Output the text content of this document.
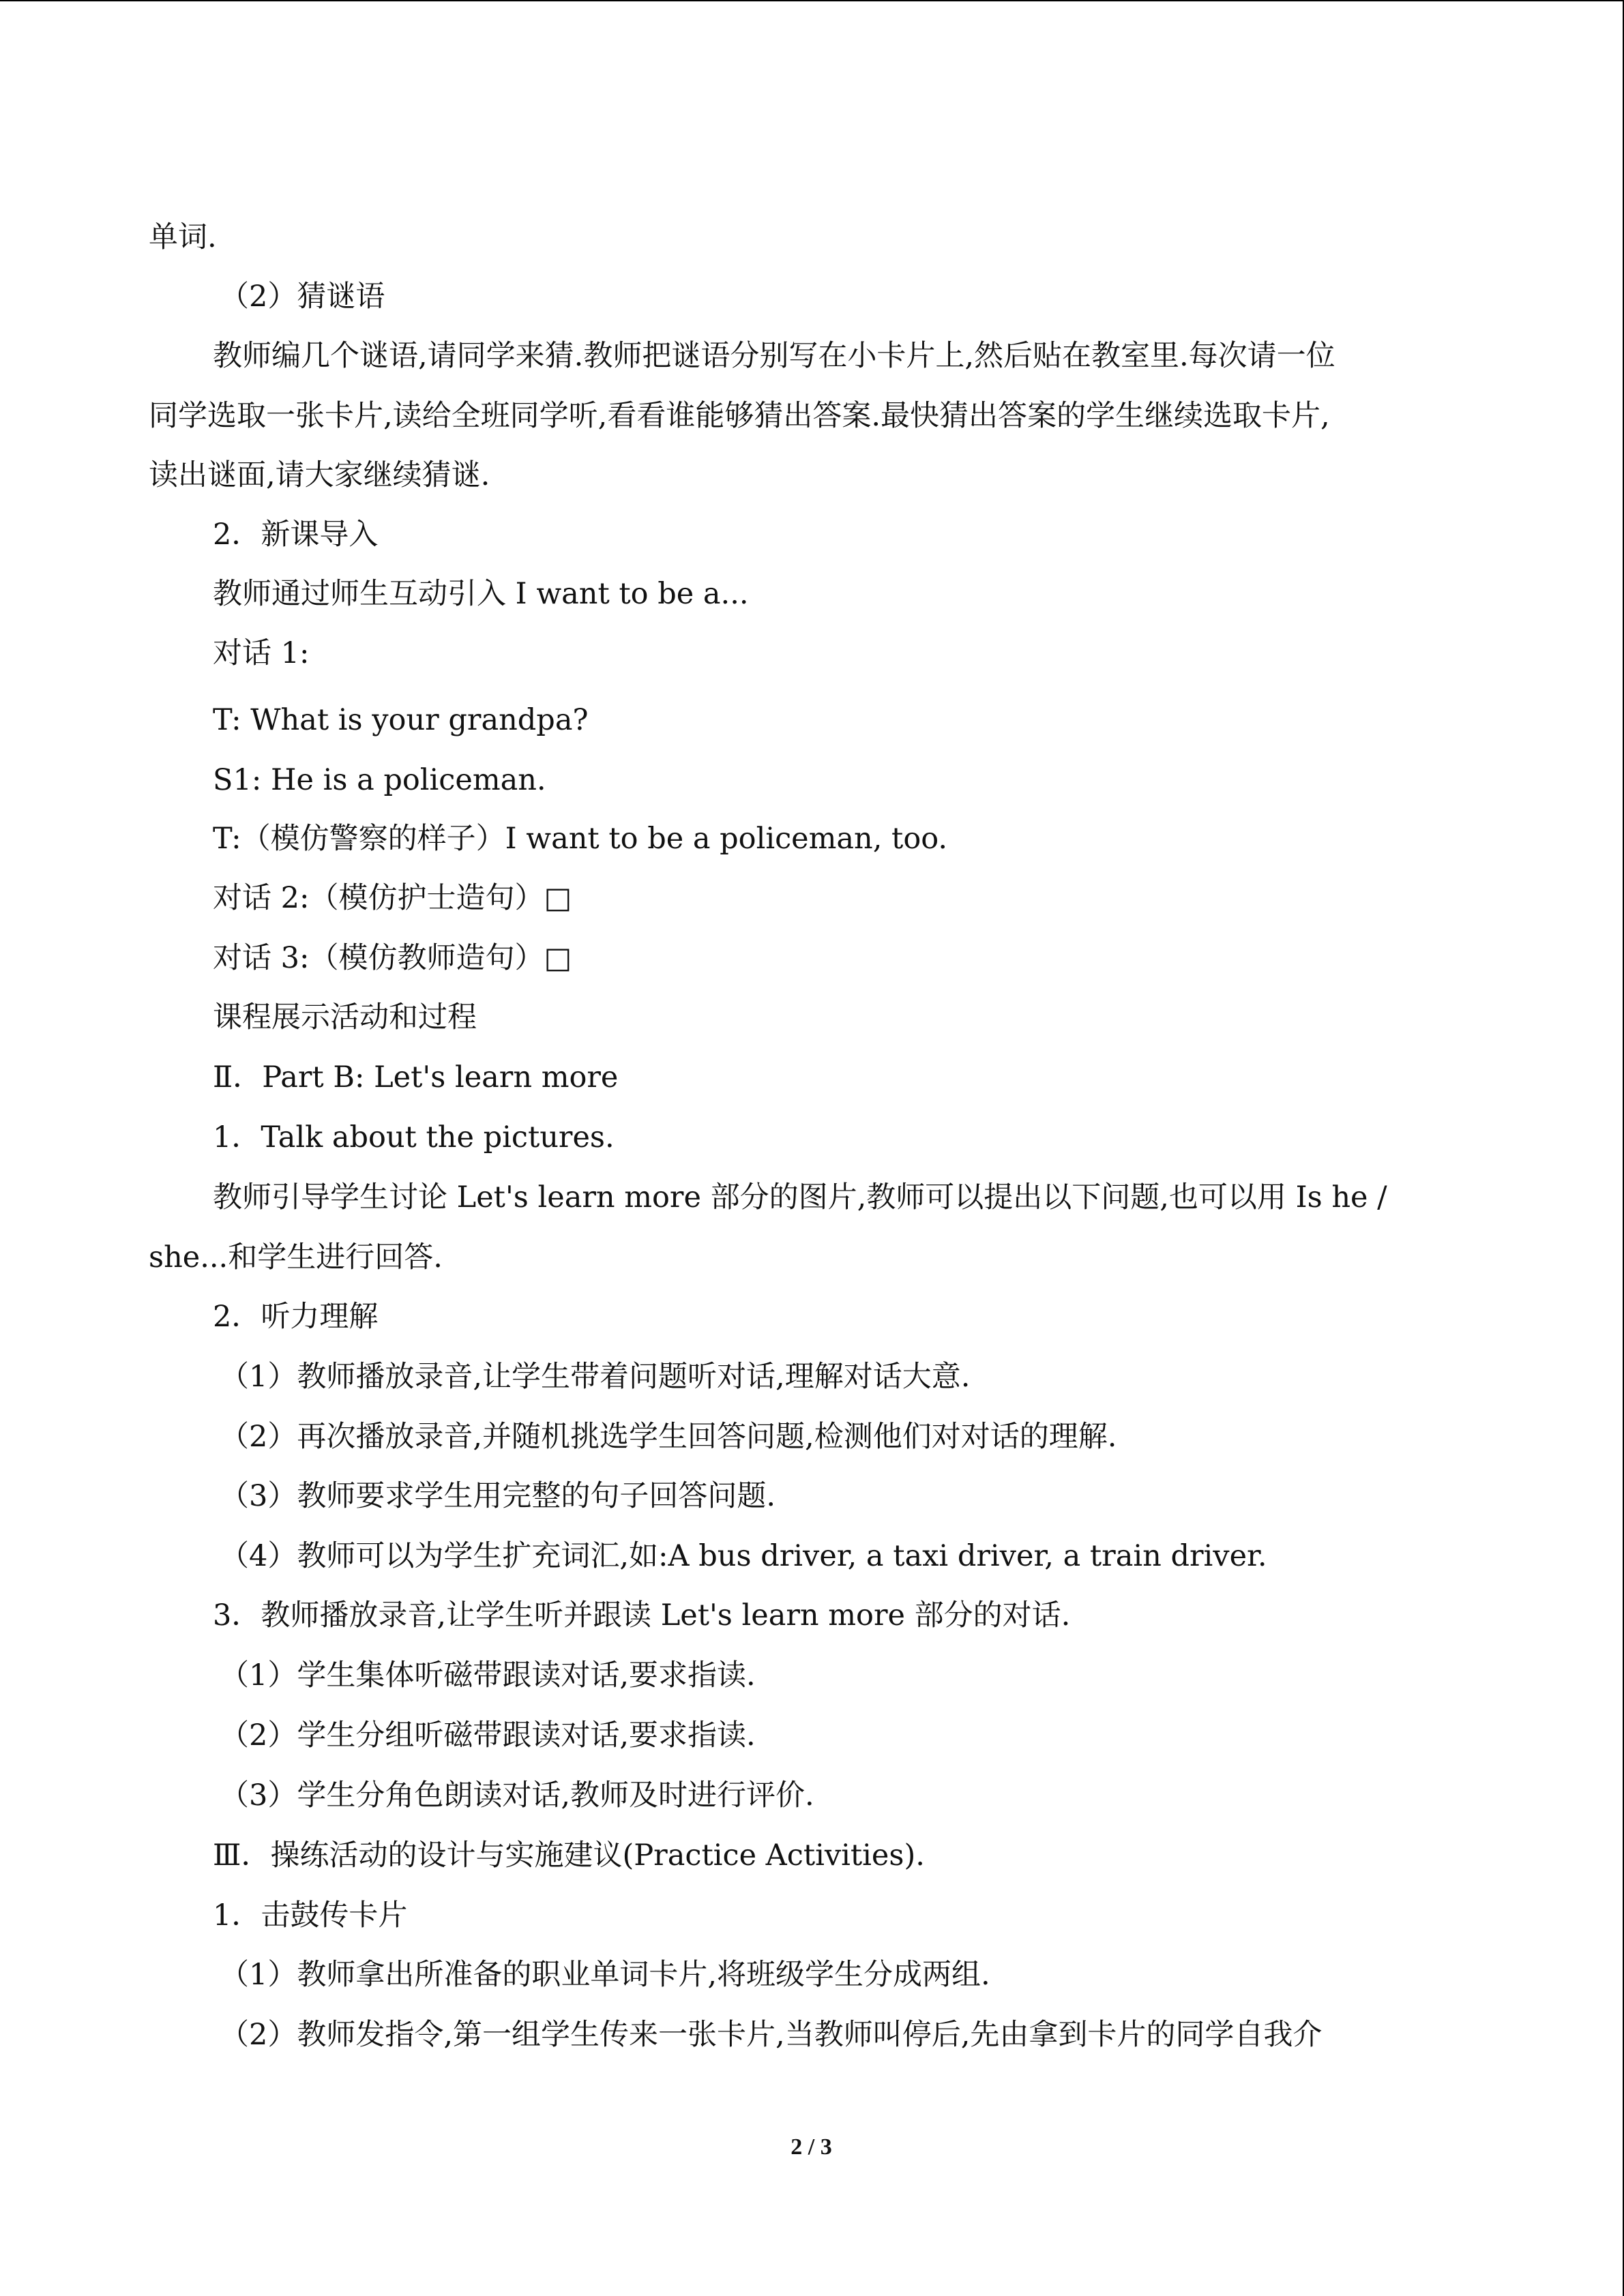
单词.
（2）猜谜语
教师编几个谜语,请同学来猜.教师把谜语分别写在小卡片上,然后贴在教室里.每次请一位
同学选取一张卡片,读给全班同学听,看看谁能够猜出答案.最快猜出答案的学生继续选取卡片,
读出谜面,请大家继续猜谜.
2．新课导入
教师通过师生互动引入 I want to be a...
对话 1:
T: What is your grandpa?
S1: He is a policeman.
T:（模仿警察的样子）I want to be a policeman, too.
对话 2:（模仿护士造句）□
对话 3:（模仿教师造句）□
课程展示活动和过程
Ⅱ．Part B: Let's learn more
1．Talk about the pictures.
教师引导学生讨论 Let's learn more 部分的图片,教师可以提出以下问题,也可以用 Is he /
she...和学生进行回答.
2．听力理解
（1）教师播放录音,让学生带着问题听对话,理解对话大意.
（2）再次播放录音,并随机挑选学生回答问题,检测他们对对话的理解.
（3）教师要求学生用完整的句子回答问题.
（4）教师可以为学生扩充词汇,如:A bus driver, a taxi driver, a train driver.
3．教师播放录音,让学生听并跟读 Let's learn more 部分的对话.
（1）学生集体听磁带跟读对话,要求指读.
（2）学生分组听磁带跟读对话,要求指读.
（3）学生分角色朗读对话,教师及时进行评价.
Ⅲ．操练活动的设计与实施建议(Practice Activities).
1．击鼓传卡片
（1）教师拿出所准备的职业单词卡片,将班级学生分成两组.
（2）教师发指令,第一组学生传来一张卡片,当教师叫停后,先由拿到卡片的同学自我介
2 / 3
